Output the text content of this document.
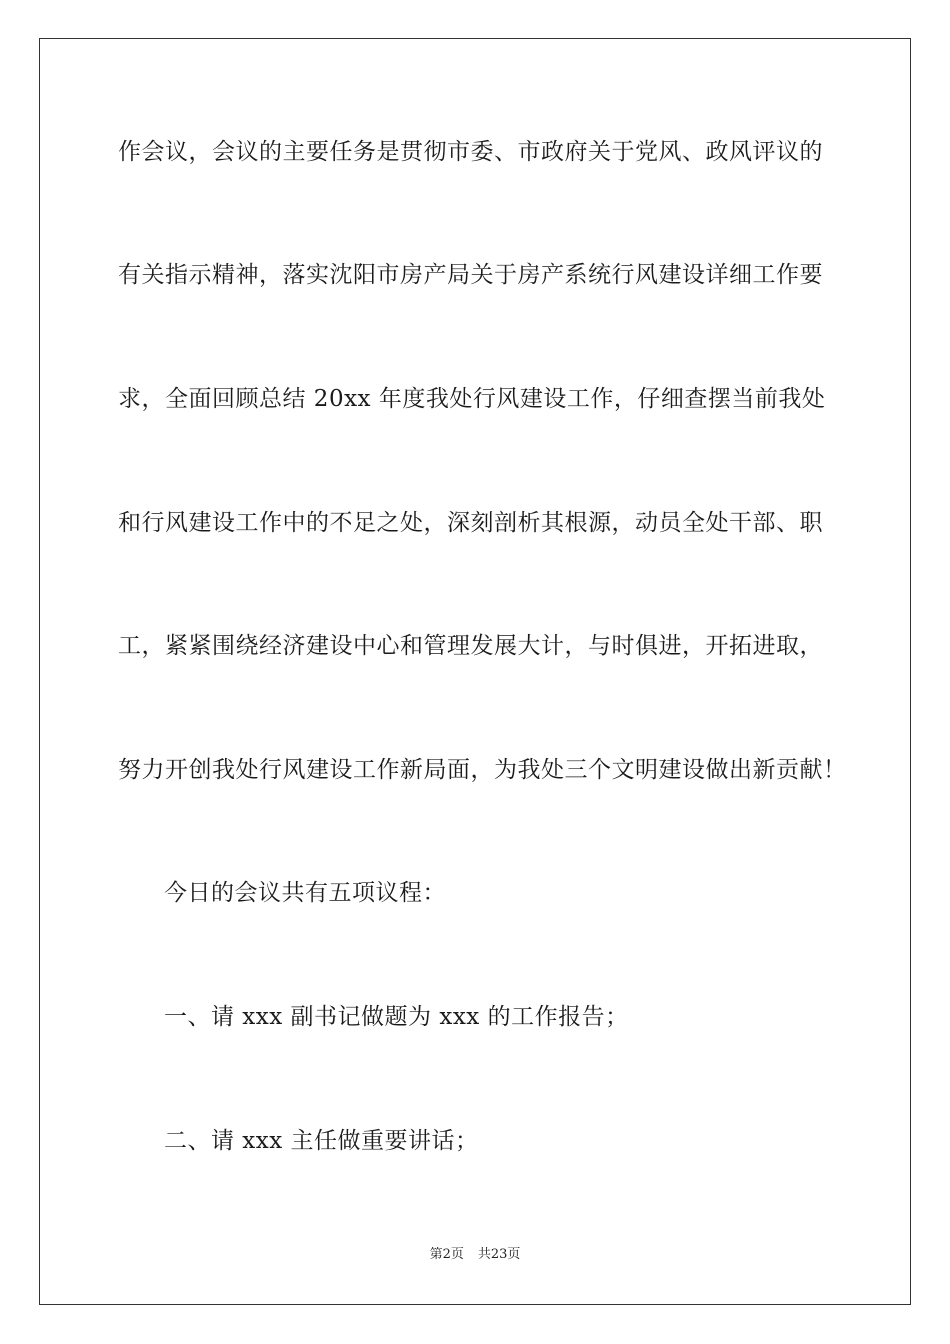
作会议，会议的主要任务是贯彻市委、市政府关于党风、政风评议的
有关指示精神，落实沈阳市房产局关于房产系统行风建设详细工作要
求，全面回顾总结 20xx 年度我处行风建设工作，仔细查摆当前我处
和行风建设工作中的不足之处，深刻剖析其根源，动员全处干部、职
工，紧紧围绕经济建设中心和管理发展大计，与时俱进，开拓进取，
努力开创我处行风建设工作新局面，为我处三个文明建设做出新贡献！
今日的会议共有五项议程：
一、请 xxx 副书记做题为 xxx 的工作报告；
二、请 xxx 主任做重要讲话；
第2页 共23页
